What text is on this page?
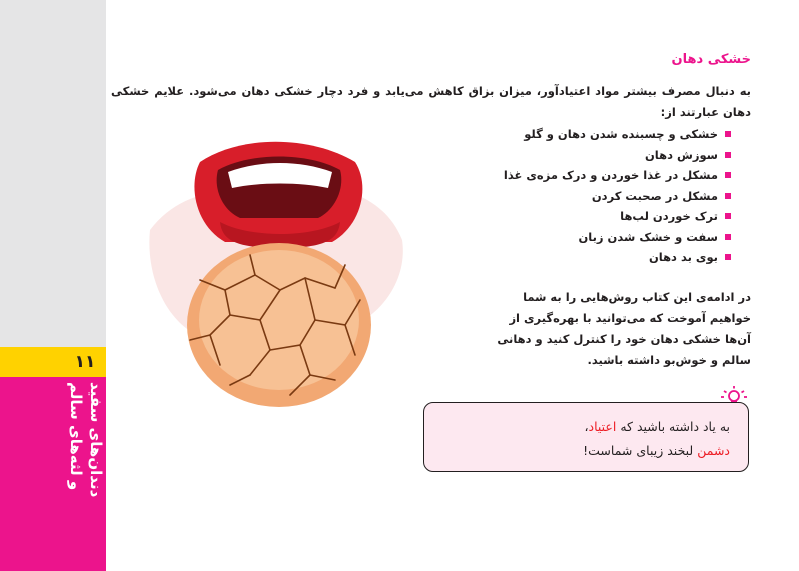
۱۱
دندان‌های سفید
و لثه‌های سالم
خشکی دهان
به دنبال مصرف بیشتر مواد اعتیادآور، میزان بزاق کاهش می‌یابد و فرد دچار خشکی دهان می‌شود. علایم خشکی دهان عبارتند از:
خشکی و چسبنده شدن دهان و گلو
سوزش دهان
مشکل در غذا خوردن و درک مزه‌ی غذا
مشکل در صحبت کردن
ترک خوردن لب‌ها
سفت و خشک شدن زبان
بوی بد دهان
در ادامه‌ی این کتاب روش‌هایی را به شما خواهیم آموخت که می‌توانید با بهره‌گیری از آن‌ها خشکی دهان خود را کنترل کنید و دهانی سالم و خوش‌بو داشته باشید.
به یاد داشته باشید که اعتیاد،
دشمن لبخند زیبای شماست!
